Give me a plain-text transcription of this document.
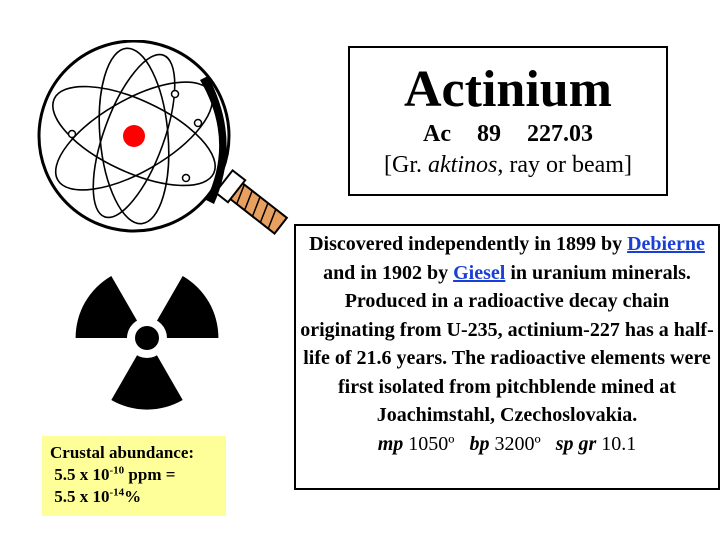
Actinium
Ac 89 227.03
[Gr. aktinos, ray or beam]
Discovered independently in 1899 by Debierne and in 1902 by Giesel in uranium minerals. Produced in a radioactive decay chain originating from U-235, actinium-227 has a half-life of 21.6 years. The radioactive elements were first isolated from pitchblende mined at Joachimstahl, Czechoslovakia.
mp 1050º bp 3200º sp gr 10.1
Crustal abundance:
5.5 x $10^{-10}$ ppm =
5.5 x $10^{-14}\%$
